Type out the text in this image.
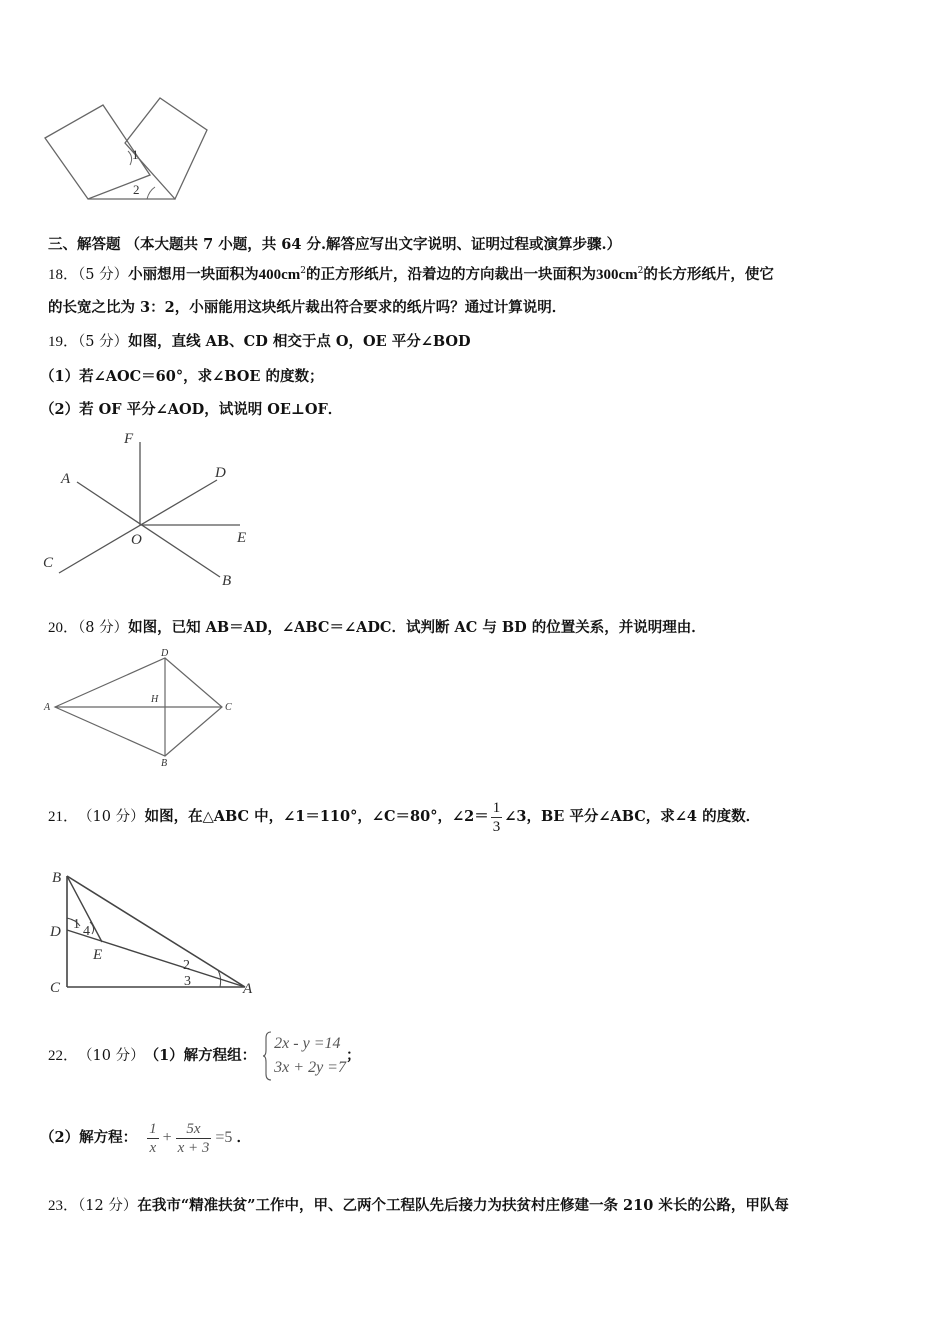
1
2
三、解答题 （本大题共 7 小题，共 64 分.解答应写出文字说明、证明过程或演算步骤.）
18．（5 分）小丽想用一块面积为$400cm^2$的正方形纸片，沿着边的方向裁出一块面积为$300cm^2$的长方形纸片，使它
的长宽之比为 3：2，小丽能用这块纸片裁出符合要求的纸片吗？通过计算说明．
19．（5 分）如图，直线 AB、CD 相交于点 O，OE 平分∠BOD
（1）若∠AOC＝60°，求∠BOE 的度数；
（2）若 OF 平分∠AOD，试说明 OE⊥OF．
F
A	D
E
O
C
B
20．（8 分）如图，已知 AB＝AD，∠ABC＝∠ADC．试判断 AC 与 BD 的位置关系，并说明理由．
D
A
H
C
B
21． （10 分） 如图，在△ABC 中，∠1＝110°，∠C＝80°，∠2＝ $\frac{1}{3}$ ∠3，BE 平分∠ABC，求∠4 的度数．
B
D
C	A
E
1 4
2
3
22． （10 分） （1）解方程组：
2x - y =14
3x + 2y =7
；
（2）解方程： $\frac{1}{x} + \frac{5x}{x + 3} =5$ ．
23．（12 分）在我市“精准扶贫”工作中，甲、乙两个工程队先后接力为扶贫村庄修建一条 210 米长的公路，甲队每
